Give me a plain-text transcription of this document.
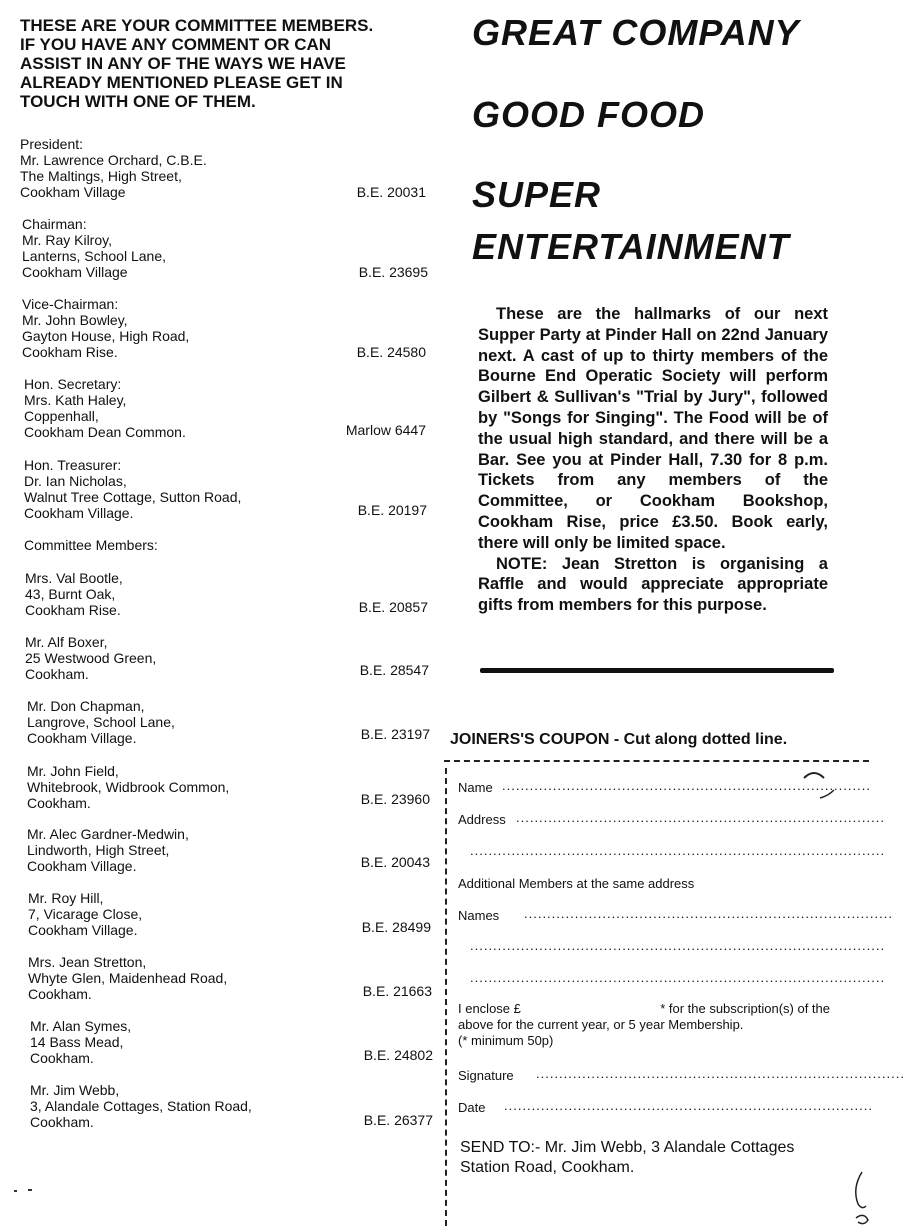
THESE ARE YOUR COMMITTEE MEMBERS.
IF YOU HAVE ANY COMMENT OR CAN
ASSIST IN ANY OF THE WAYS WE HAVE
ALREADY MENTIONED PLEASE GET IN
TOUCH WITH ONE OF THEM.
President:
Mr. Lawrence Orchard, C.B.E.
The Maltings, High Street,
Cookham Village	B.E. 20031
Chairman:
Mr. Ray Kilroy,
Lanterns, School Lane,
Cookham Village	B.E. 23695
Vice-Chairman:
Mr. John Bowley,
Gayton House, High Road,
Cookham Rise.	B.E. 24580
Hon. Secretary:
Mrs. Kath Haley,
Coppenhall,
Cookham Dean Common.	Marlow 6447
Hon. Treasurer:
Dr. Ian Nicholas,
Walnut Tree Cottage, Sutton Road,
Cookham Village.	B.E. 20197
Committee Members:
Mrs. Val Bootle,
43, Burnt Oak,
Cookham Rise.	B.E. 20857
Mr. Alf Boxer,
25 Westwood Green,
Cookham.	B.E. 28547
Mr. Don Chapman,
Langrove, School Lane,
Cookham Village.	B.E. 23197
Mr. John Field,
Whitebrook, Widbrook Common,
Cookham.	B.E. 23960
Mr. Alec Gardner-Medwin,
Lindworth, High Street,
Cookham Village.	B.E. 20043
Mr. Roy Hill,
7, Vicarage Close,
Cookham Village.	B.E. 28499
Mrs. Jean Stretton,
Whyte Glen, Maidenhead Road,
Cookham.	B.E. 21663
Mr. Alan Symes,
14 Bass Mead,
Cookham.	B.E. 24802
Mr. Jim Webb,
3, Alandale Cottages, Station Road,
Cookham.	B.E. 26377
GREAT COMPANY
GOOD FOOD
SUPER
ENTERTAINMENT

These are the hallmarks of our next Supper Party at Pinder Hall on 22nd January next. A cast of up to thirty members of the Bourne End Operatic Society will perform Gilbert & Sullivan's "Trial by Jury", followed by "Songs for Singing". The Food will be of the usual high standard, and there will be a Bar. See you at Pinder Hall, 7.30 for 8 p.m. Tickets from any members of the Committee, or Cookham Bookshop, Cookham Rise, price £3.50. Book early, there will only be limited space.

NOTE: Jean Stretton is organising a Raffle and would appreciate appropriate gifts from members for this purpose.

JOINERS'S COUPON - Cut along dotted line.
Name ................................................................................
Address ................................................................................
..........................................................................................
Additional Members at the same address
Names ................................................................................
..........................................................................................
..........................................................................................
I enclose £	* for the subscription(s) of the
above for the current year, or 5 year Membership.
(* minimum 50p)
Signature ................................................................................
Date ................................................................................
SEND TO:- Mr. Jim Webb, 3 Alandale Cottages
Station Road, Cookham.
